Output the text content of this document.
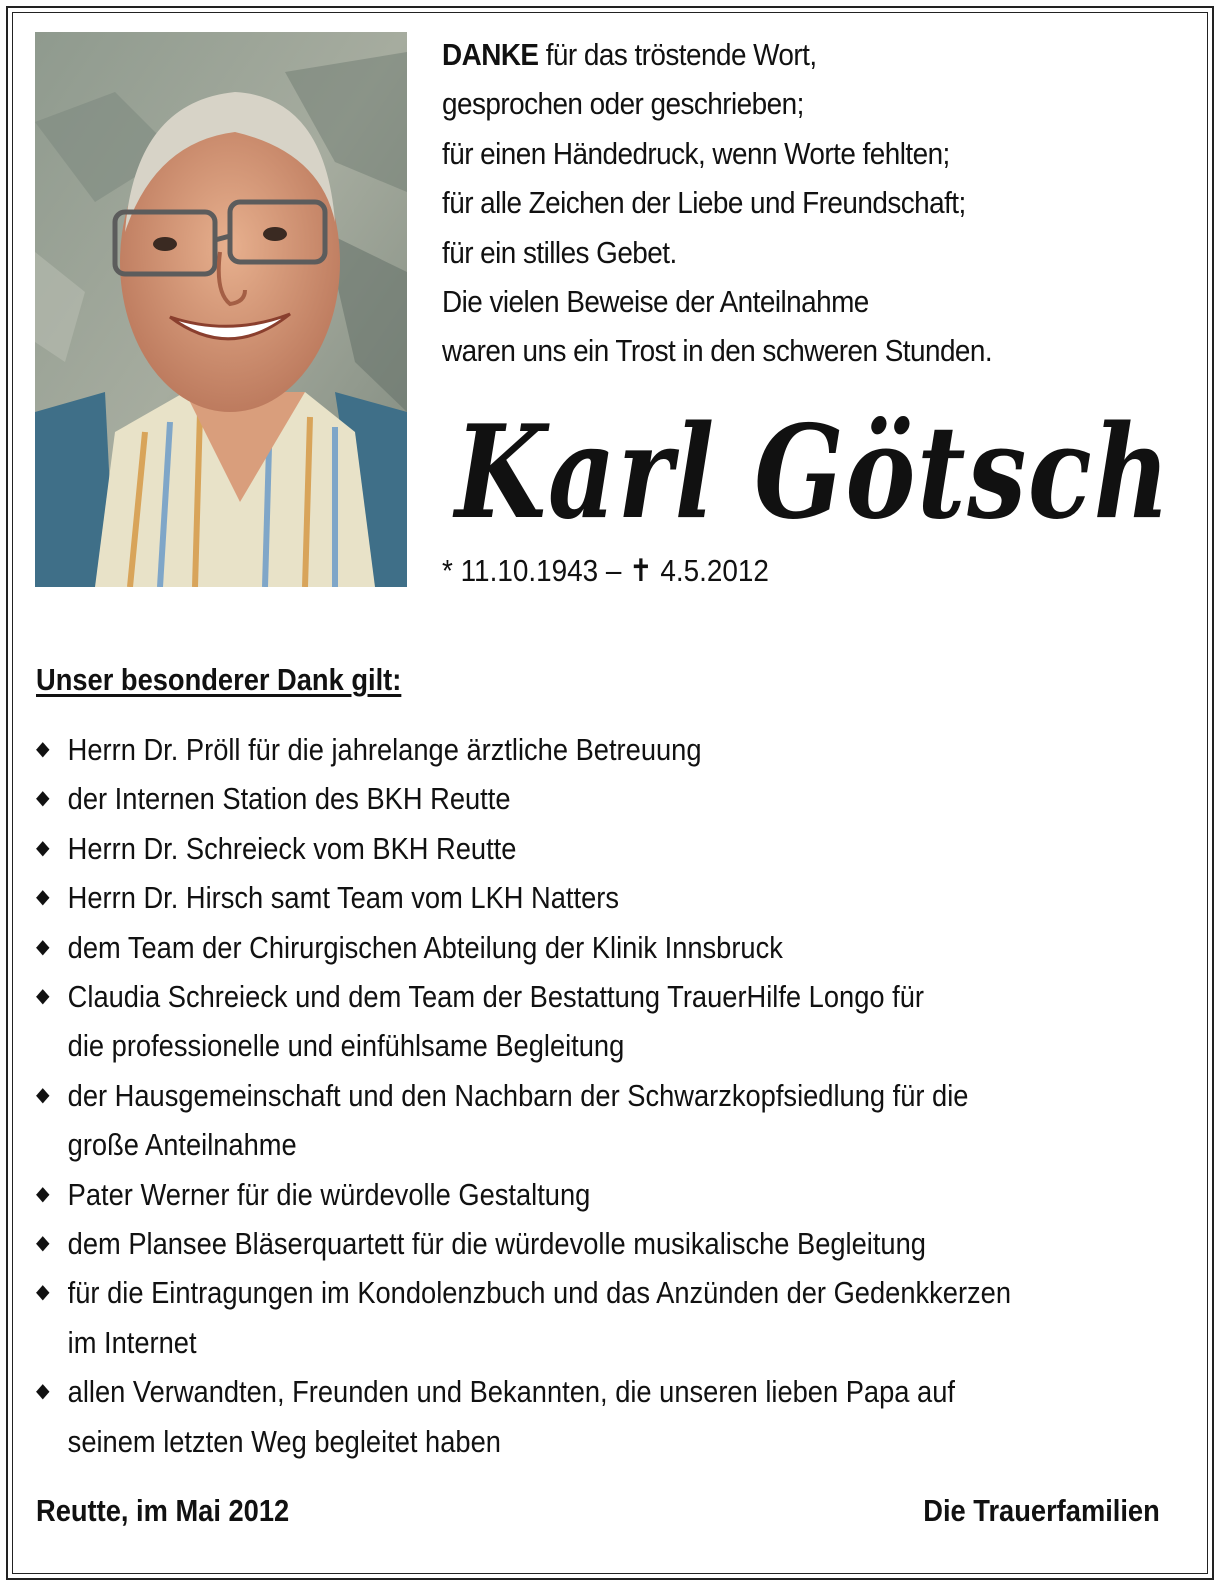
DANKE für das tröstende Wort,
gesprochen oder geschrieben;
für einen Händedruck, wenn Worte fehlten;
für alle Zeichen der Liebe und Freundschaft;
für ein stilles Gebet.
Die vielen Beweise der Anteilnahme
waren uns ein Trost in den schweren Stunden.
Karl Götsch
* 11.10.1943 – ✝ 4.5.2012
Unser besonderer Dank gilt:
◆ Herrn Dr. Pröll für die jahrelange ärztliche Betreuung
◆ der Internen Station des BKH Reutte
◆ Herrn Dr. Schreieck vom BKH Reutte
◆ Herrn Dr. Hirsch samt Team vom LKH Natters
◆ dem Team der Chirurgischen Abteilung der Klinik Innsbruck
◆ Claudia Schreieck und dem Team der Bestattung TrauerHilfe Longo für
die professionelle und einfühlsame Begleitung
◆ der Hausgemeinschaft und den Nachbarn der Schwarzkopfsiedlung für die
große Anteilnahme
◆ Pater Werner für die würdevolle Gestaltung
◆ dem Plansee Bläserquartett für die würdevolle musikalische Begleitung
◆ für die Eintragungen im Kondolenzbuch und das Anzünden der Gedenkkerzen
im Internet
◆ allen Verwandten, Freunden und Bekannten, die unseren lieben Papa auf
seinem letzten Weg begleitet haben
Reutte, im Mai 2012	Die Trauerfamilien
